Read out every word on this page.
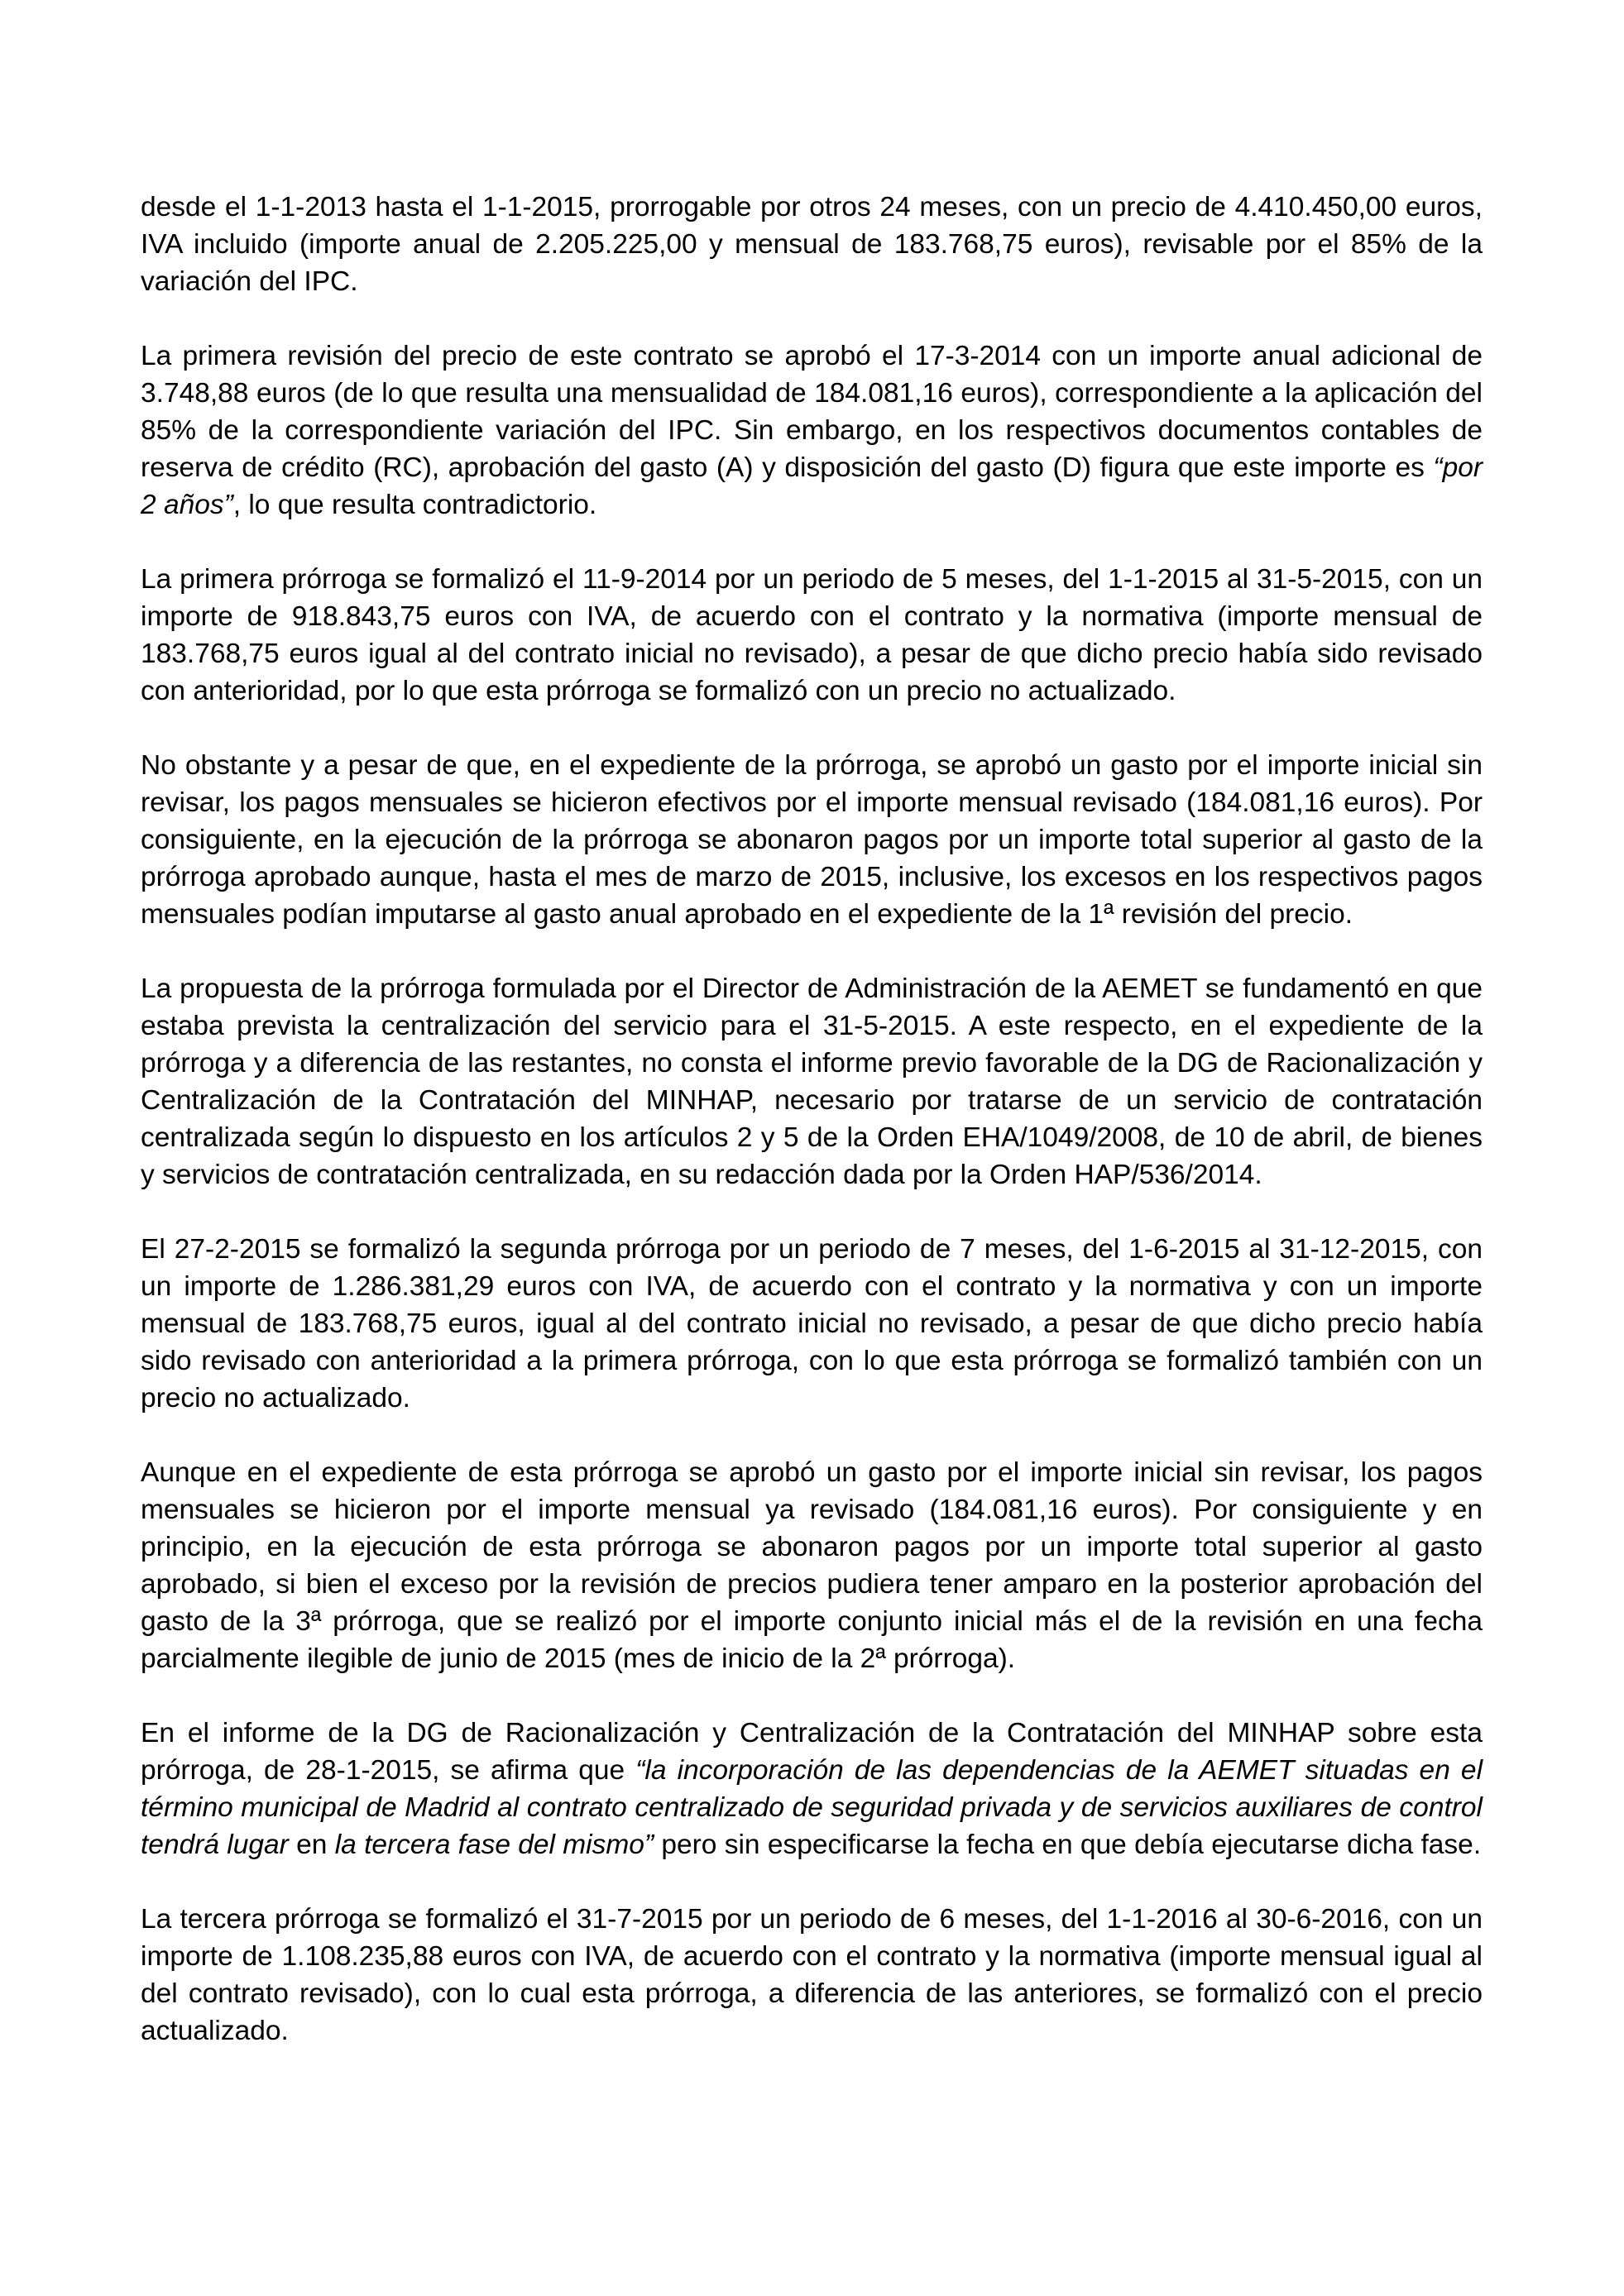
desde el 1-1-2013 hasta el 1-1-2015, prorrogable por otros 24 meses, con un precio de 4.410.450,00 euros, IVA incluido (importe anual de 2.205.225,00 y mensual de 183.768,75 euros), revisable por el 85% de la variación del IPC.

La primera revisión del precio de este contrato se aprobó el 17-3-2014 con un importe anual adicional de 3.748,88 euros (de lo que resulta una mensualidad de 184.081,16 euros), correspondiente a la aplicación del 85% de la correspondiente variación del IPC. Sin embargo, en los respectivos documentos contables de reserva de crédito (RC), aprobación del gasto (A) y disposición del gasto (D) figura que este importe es “por 2 años”, lo que resulta contradictorio.

La primera prórroga se formalizó el 11-9-2014 por un periodo de 5 meses, del 1-1-2015 al 31-5-2015, con un importe de 918.843,75 euros con IVA, de acuerdo con el contrato y la normativa (importe mensual de 183.768,75 euros igual al del contrato inicial no revisado), a pesar de que dicho precio había sido revisado con anterioridad, por lo que esta prórroga se formalizó con un precio no actualizado.

No obstante y a pesar de que, en el expediente de la prórroga, se aprobó un gasto por el importe inicial sin revisar, los pagos mensuales se hicieron efectivos por el importe mensual revisado (184.081,16 euros). Por consiguiente, en la ejecución de la prórroga se abonaron pagos por un importe total superior al gasto de la prórroga aprobado aunque, hasta el mes de marzo de 2015, inclusive, los excesos en los respectivos pagos mensuales podían imputarse al gasto anual aprobado en el expediente de la 1ª revisión del precio.

La propuesta de la prórroga formulada por el Director de Administración de la AEMET se fundamentó en que estaba prevista la centralización del servicio para el 31-5-2015. A este respecto, en el expediente de la prórroga y a diferencia de las restantes, no consta el informe previo favorable de la DG de Racionalización y Centralización de la Contratación del MINHAP, necesario por tratarse de un servicio de contratación centralizada según lo dispuesto en los artículos 2 y 5 de la Orden EHA/1049/2008, de 10 de abril, de bienes y servicios de contratación centralizada, en su redacción dada por la Orden HAP/536/2014.

El 27-2-2015 se formalizó la segunda prórroga por un periodo de 7 meses, del 1-6-2015 al 31-12-2015, con un importe de 1.286.381,29 euros con IVA, de acuerdo con el contrato y la normativa y con un importe mensual de 183.768,75 euros, igual al del contrato inicial no revisado, a pesar de que dicho precio había sido revisado con anterioridad a la primera prórroga, con lo que esta prórroga se formalizó también con un precio no actualizado.

Aunque en el expediente de esta prórroga se aprobó un gasto por el importe inicial sin revisar, los pagos mensuales se hicieron por el importe mensual ya revisado (184.081,16 euros). Por consiguiente y en principio, en la ejecución de esta prórroga se abonaron pagos por un importe total superior al gasto aprobado, si bien el exceso por la revisión de precios pudiera tener amparo en la posterior aprobación del gasto de la 3ª prórroga, que se realizó por el importe conjunto inicial más el de la revisión en una fecha parcialmente ilegible de junio de 2015 (mes de inicio de la 2ª prórroga).

En el informe de la DG de Racionalización y Centralización de la Contratación del MINHAP sobre esta prórroga, de 28-1-2015, se afirma que “la incorporación de las dependencias de la AEMET situadas en el término municipal de Madrid al contrato centralizado de seguridad privada y de servicios auxiliares de control tendrá lugar en la tercera fase del mismo” pero sin especificarse la fecha en que debía ejecutarse dicha fase.

La tercera prórroga se formalizó el 31-7-2015 por un periodo de 6 meses, del 1-1-2016 al 30-6-2016, con un importe de 1.108.235,88 euros con IVA, de acuerdo con el contrato y la normativa (importe mensual igual al del contrato revisado), con lo cual esta prórroga, a diferencia de las anteriores, se formalizó con el precio actualizado.
